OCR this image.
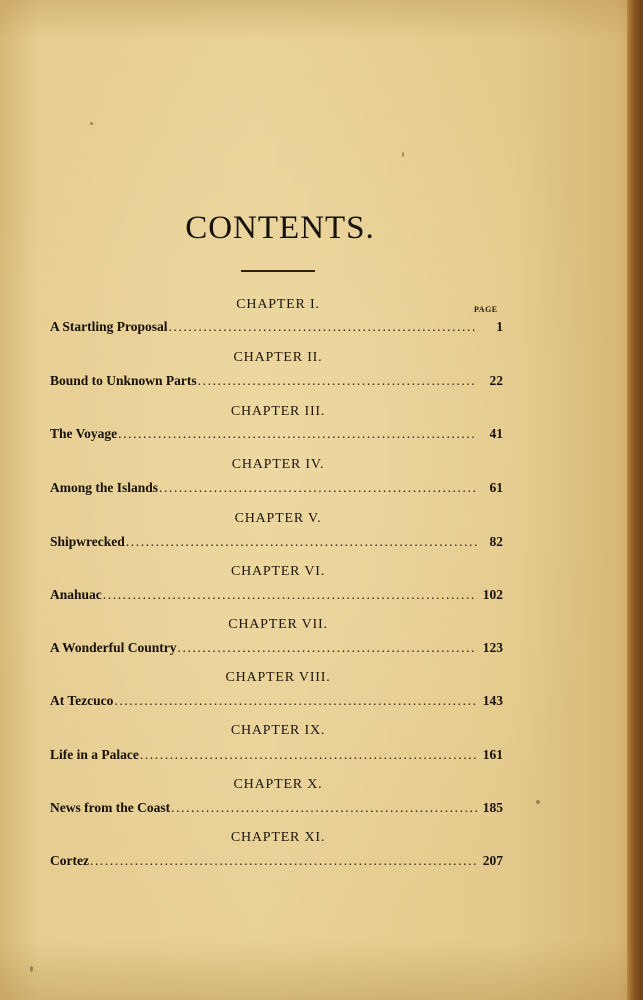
CONTENTS.
PAGE
CHAPTER I.
A Startling Proposal .....	1
CHAPTER II.
Bound to Unknown Parts .....	22
CHAPTER III.
The Voyage .....	41
CHAPTER IV.
Among the Islands .....	61
CHAPTER V.
Shipwrecked .....	82
CHAPTER VI.
Anahuac .....	102
CHAPTER VII.
A Wonderful Country .....	123
CHAPTER VIII.
At Tezcuco .....	143
CHAPTER IX.
Life in a Palace .....	161
CHAPTER X.
News from the Coast .....	185
CHAPTER XI.
Cortez .....	207
